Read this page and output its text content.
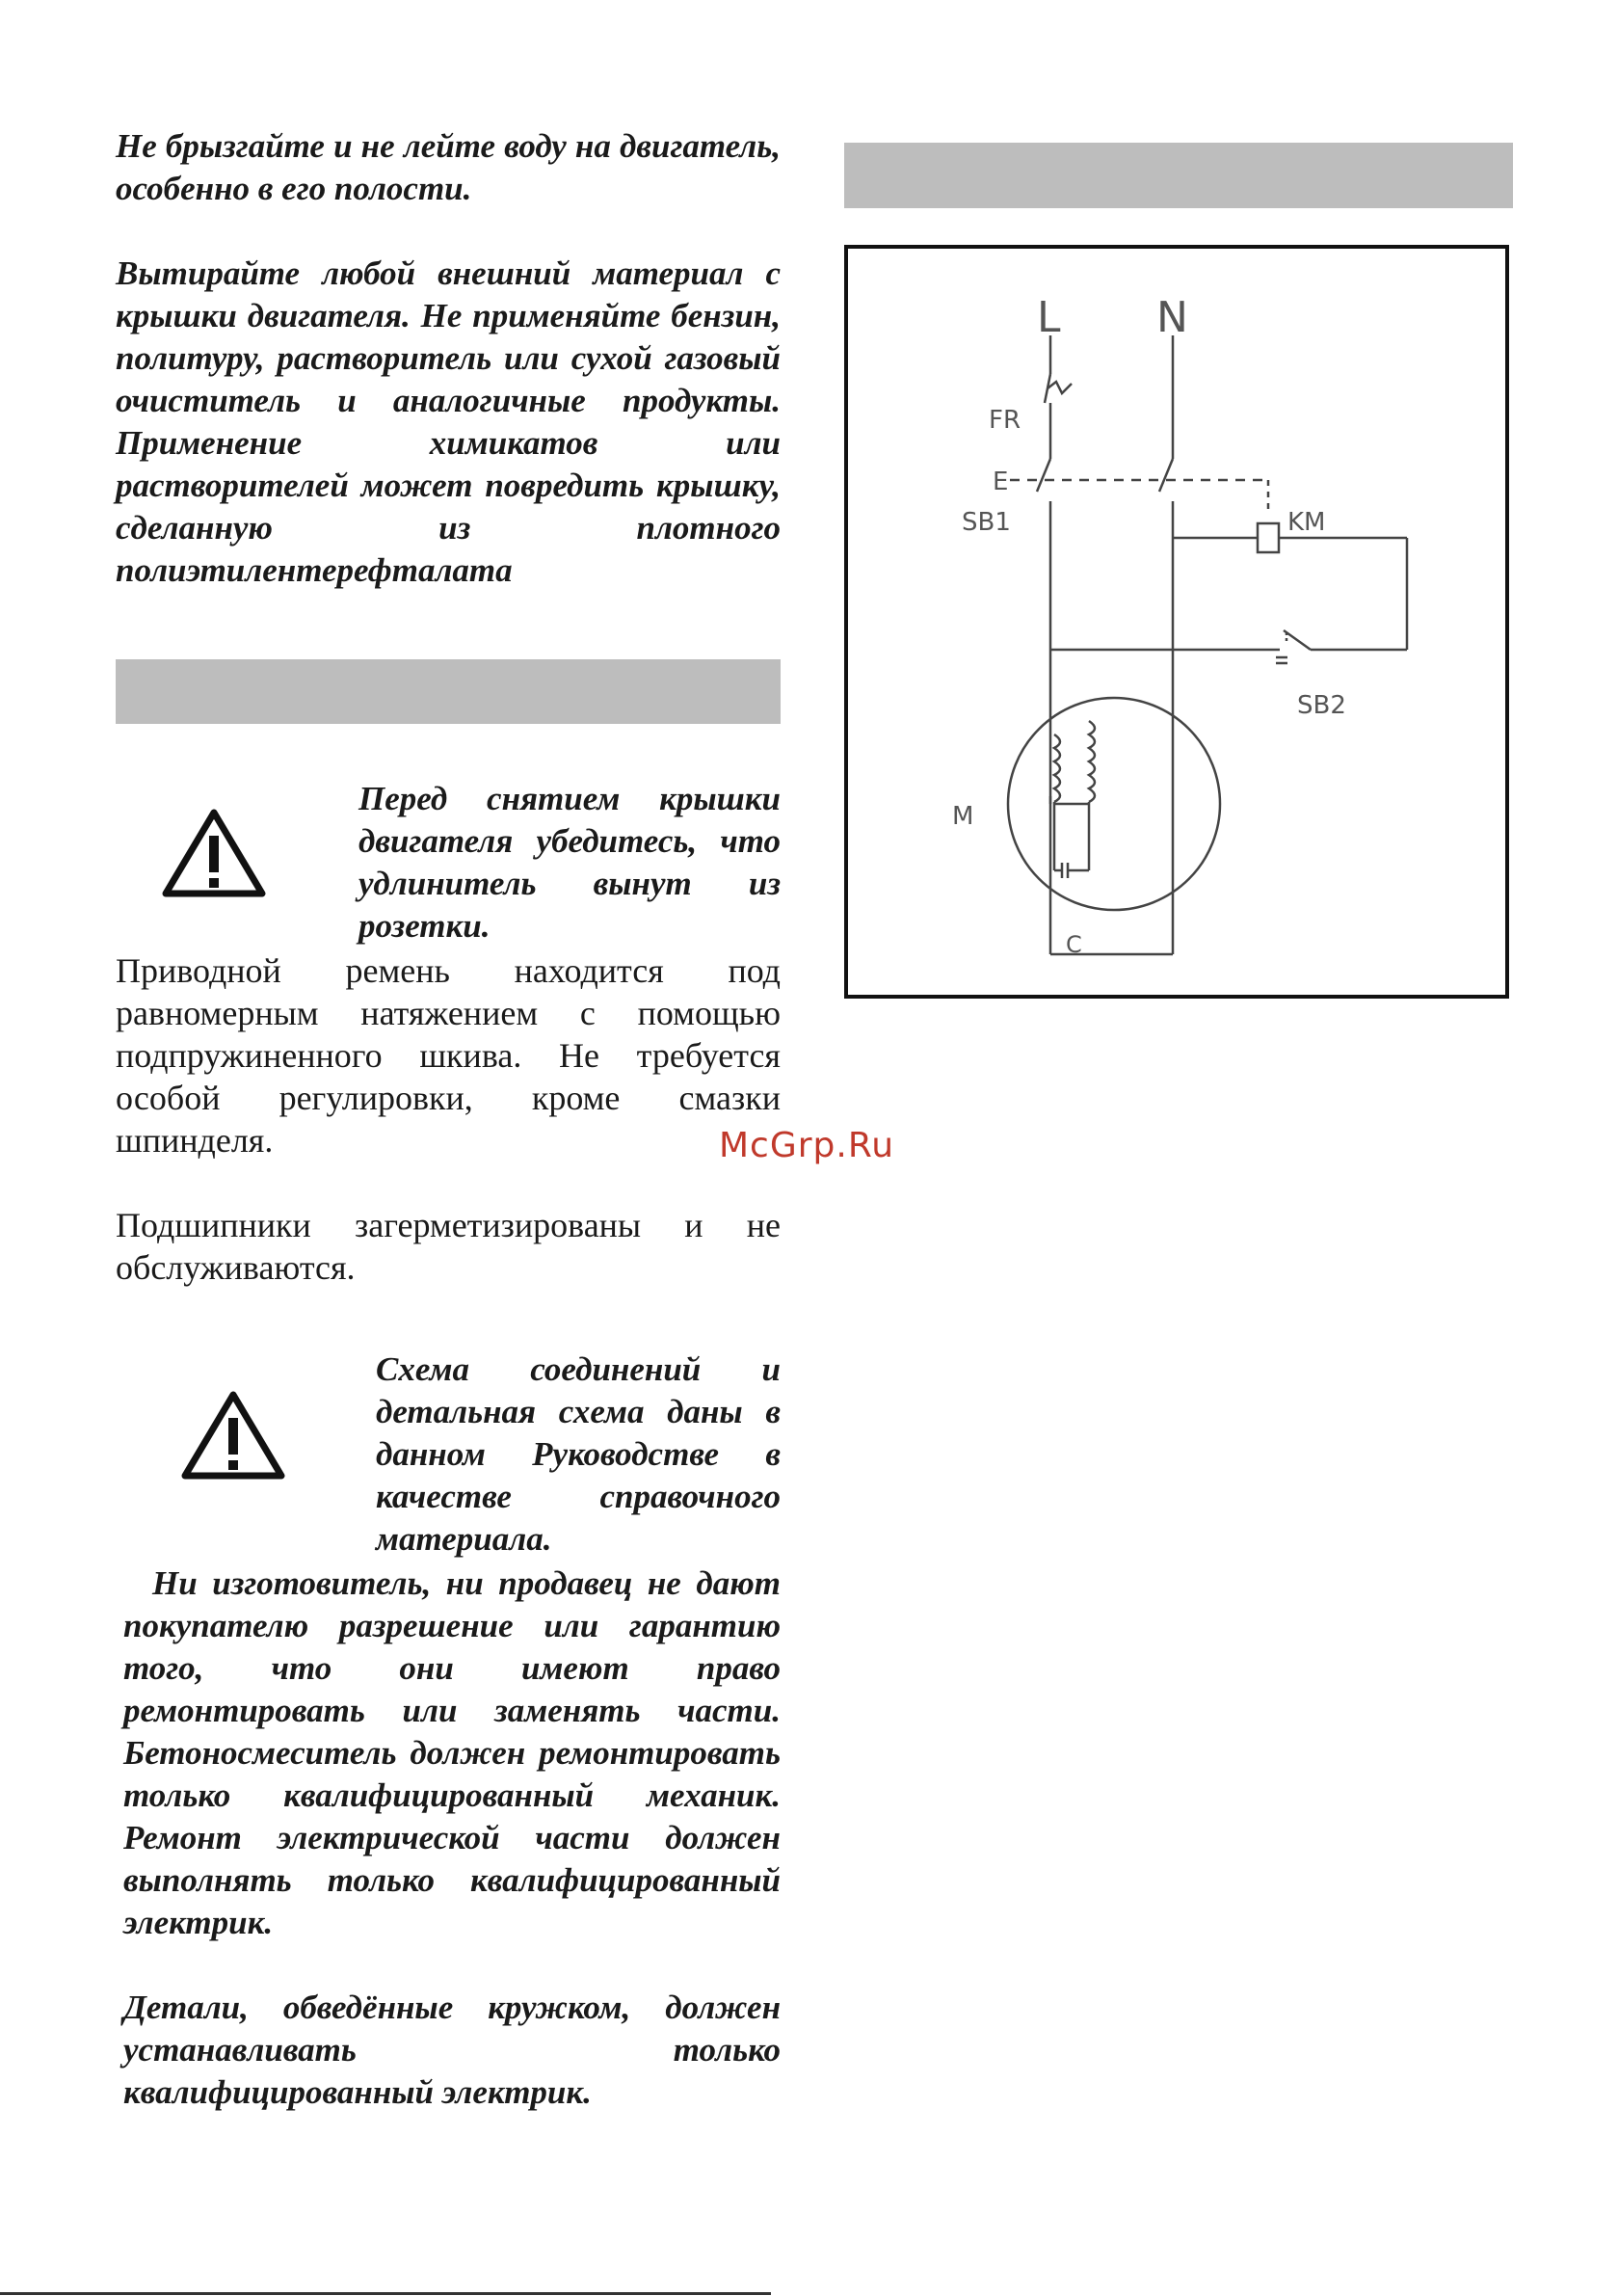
Не брызгайте и не лейте воду на двигатель, особенно в его полости.

Вытирайте любой внешний материал с крышки двигателя. Не применяйте бензин, политуру, растворитель или сухой газовый очиститель и аналогичные продукты. Применение химикатов или растворителей может повредить крышку, сделанную из плотного полиэтилентерефталата

Перед снятием крышки двигателя убедитесь, что удлинитель вынут из розетки.

Приводной ремень находится под равномерным натяжением с помощью подпружиненного шкива. Не требуется особой регулировки, кроме смазки шпинделя.

Подшипники загерметизированы и не обслуживаются.

Схема соединений и детальная схема даны в данном Руководстве в качестве справочного материала.

Ни изготовитель, ни продавец не дают покупателю разрешение или гарантию того, что они имеют право ремонтировать или заменять части. Бетоносмеситель должен ремонтировать только квалифицированный механик. Ремонт электрической части должен выполнять только квалифицированный электрик.

Детали, обведённые кружком, должен устанавливать только квалифицированный электрик.

L N
FR
E
SB1	KM
SB2
M
C
McGrp.Ru
